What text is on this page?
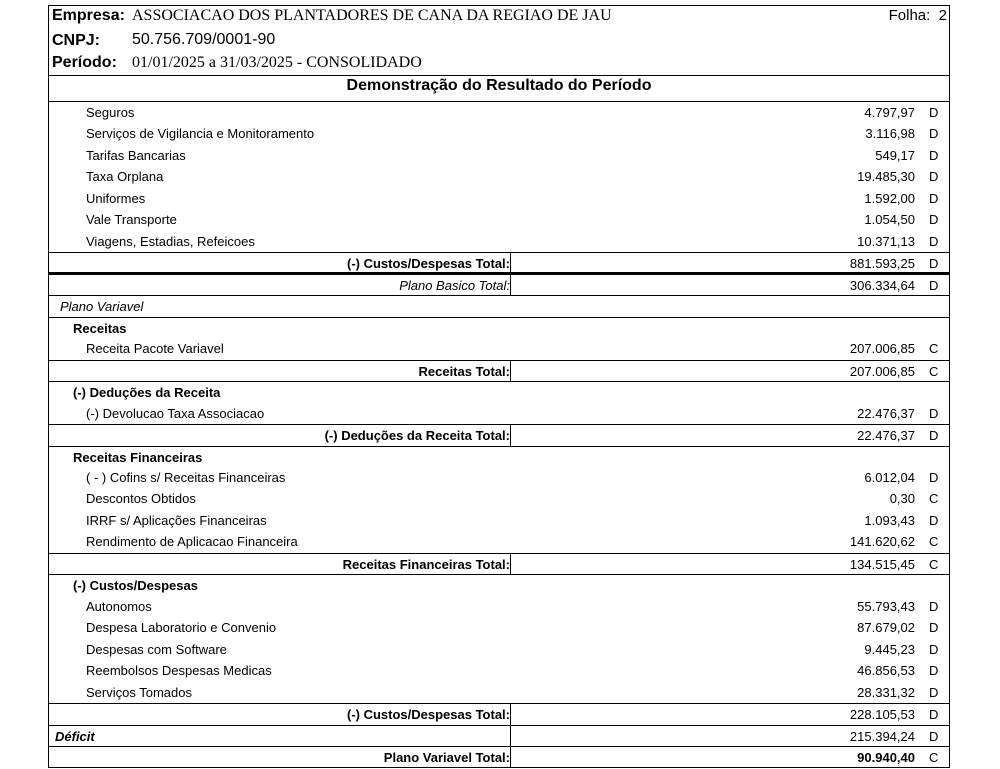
Empresa: ASSOCIACAO DOS PLANTADORES DE CANA DA REGIAO DE JAU	Folha: 2
CNPJ: 50.756.709/0001-90
Período: 01/01/2025 a 31/03/2025 - CONSOLIDADO
Demonstração do Resultado do Período
Seguros	4.797,97 D
Serviços de Vigilancia e Monitoramento	3.116,98 D
Tarifas Bancarias	549,17 D
Taxa Orplana	19.485,30 D
Uniformes	1.592,00 D
Vale Transporte	1.054,50 D
Viagens, Estadias, Refeicoes	10.371,13 D
(-) Custos/Despesas Total:	881.593,25 D
Plano Basico Total:	306.334,64 D
Plano Variavel
Receitas
Receita Pacote Variavel	207.006,85 C
Receitas Total:	207.006,85 C
(-) Deduções da Receita
(-) Devolucao Taxa Associacao	22.476,37 D
(-) Deduções da Receita Total:	22.476,37 D
Receitas Financeiras
( - ) Cofins s/ Receitas Financeiras	6.012,04 D
Descontos Obtidos	0,30 C
IRRF s/ Aplicações Financeiras	1.093,43 D
Rendimento de Aplicacao Financeira	141.620,62 C
Receitas Financeiras Total:	134.515,45 C
(-) Custos/Despesas
Autonomos	55.793,43 D
Despesa Laboratorio e Convenio	87.679,02 D
Despesas com Software	9.445,23 D
Reembolsos Despesas Medicas	46.856,53 D
Serviços Tomados	28.331,32 D
(-) Custos/Despesas Total:	228.105,53 D
Déficit	215.394,24 D
Plano Variavel Total:	90.940,40 C
